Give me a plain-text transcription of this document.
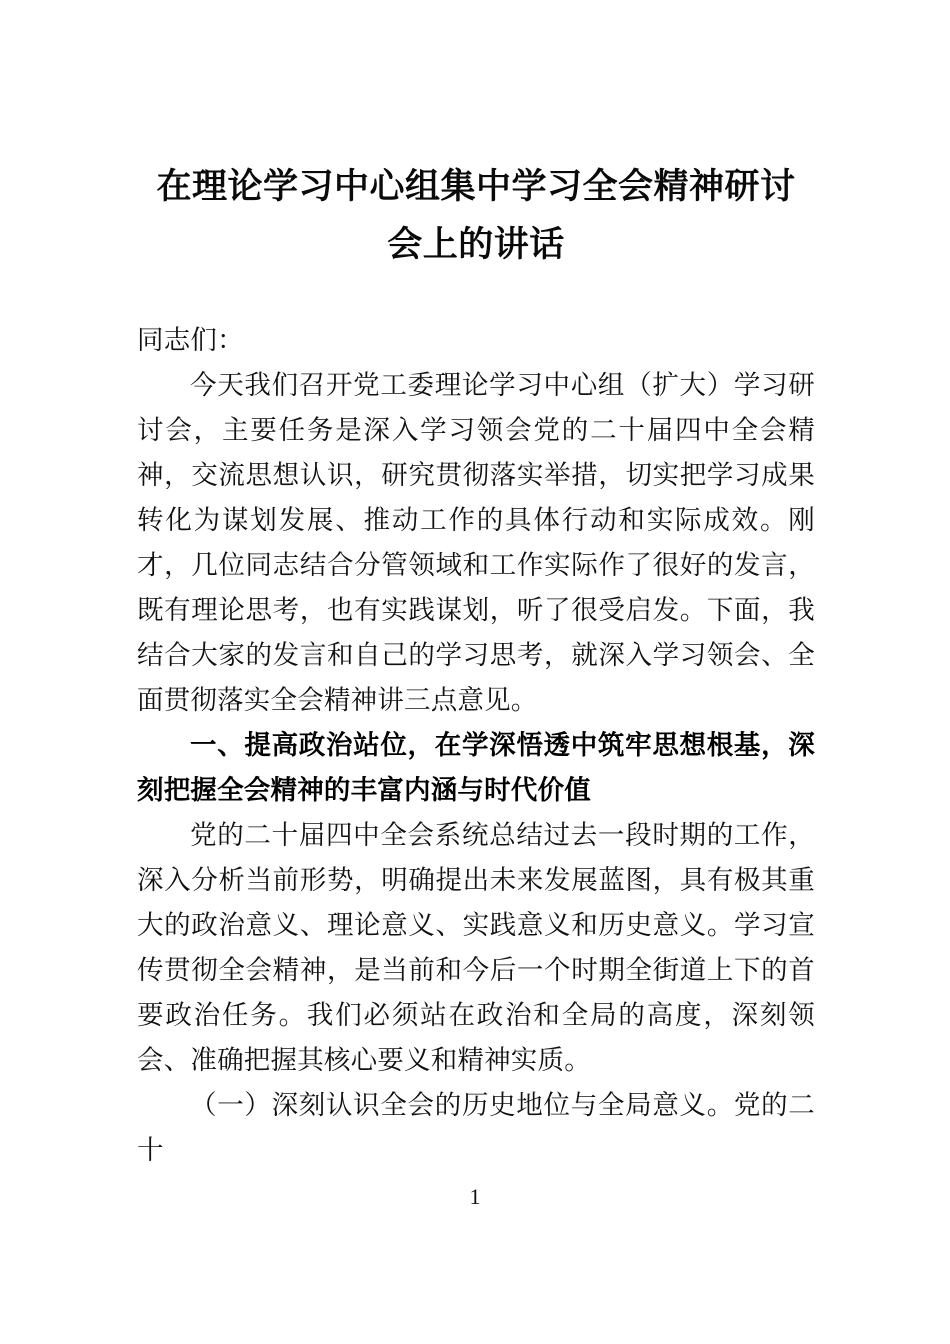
在理论学习中心组集中学习全会精神研讨
会上的讲话

同志们：

今天我们召开党工委理论学习中心组（扩大）学习研讨会，主要任务是深入学习领会党的二十届四中全会精神，交流思想认识，研究贯彻落实举措，切实把学习成果转化为谋划发展、推动工作的具体行动和实际成效。刚才，几位同志结合分管领域和工作实际作了很好的发言，既有理论思考，也有实践谋划，听了很受启发。下面，我结合大家的发言和自己的学习思考，就深入学习领会、全面贯彻落实全会精神讲三点意见。

一、提高政治站位，在学深悟透中筑牢思想根基，深刻把握全会精神的丰富内涵与时代价值

党的二十届四中全会系统总结过去一段时期的工作，深入分析当前形势，明确提出未来发展蓝图，具有极其重大的政治意义、理论意义、实践意义和历史意义。学习宣传贯彻全会精神，是当前和今后一个时期全街道上下的首要政治任务。我们必须站在政治和全局的高度，深刻领会、准确把握其核心要义和精神实质。

（一）深刻认识全会的历史地位与全局意义。党的二十

1
